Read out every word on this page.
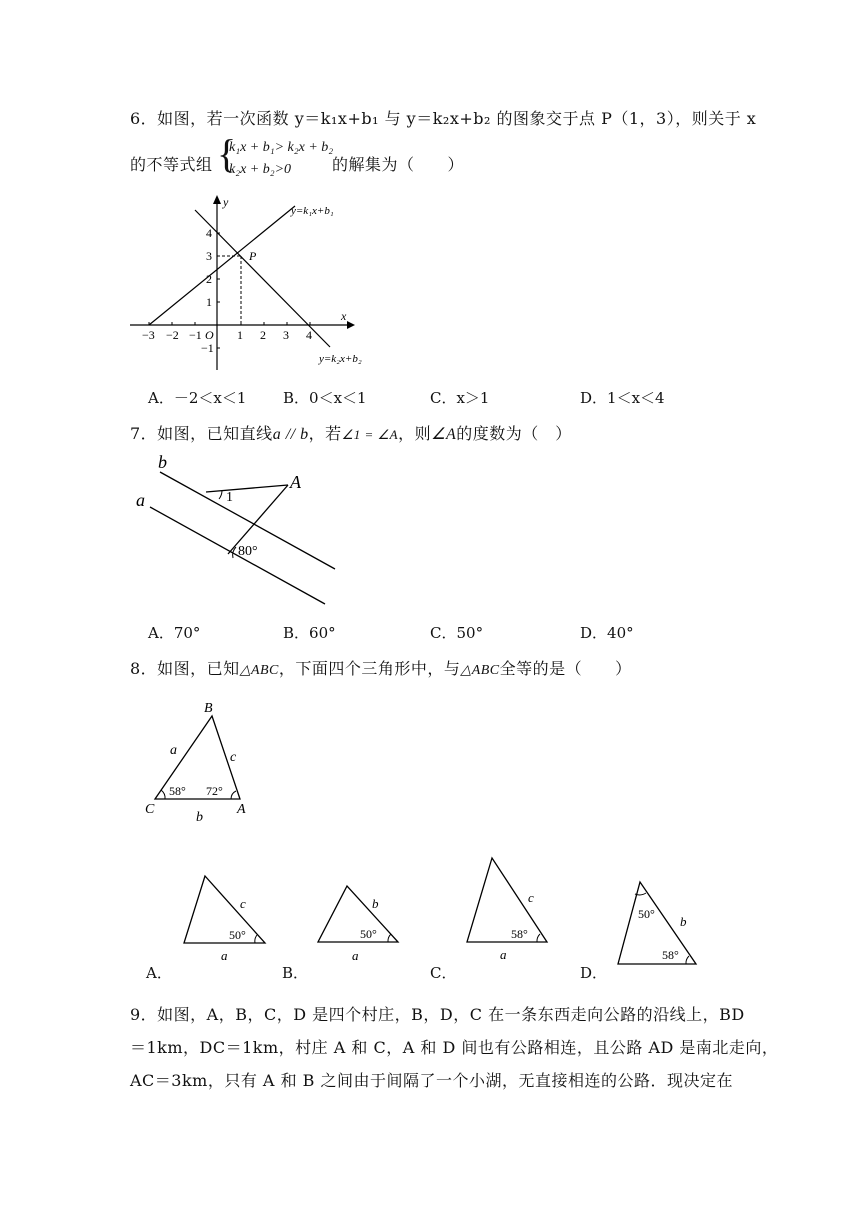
6．如图，若一次函数 y＝k₁x+b₁ 与 y＝k₂x+b₂ 的图象交于点 P（1，3），则关于 x
的不等式组 {
k₁x + b₁> k₂x + b₂
k₂x + b₂>0	的解集为（　　）
y
x
O
−3 −2 −1	1 2 3 4
4
3
2
1
−1
P
y=k₁x+b₁
y=k₂x+b₂
A．－2＜x＜1 B．0＜x＜1	C．x＞1	D．1＜x＜4
7．如图，已知直线a // b，若∠1 = ∠A，则∠A的度数为（　）
b
a
A
1
80°
A．70°	B．60°	C．50°	D．40°
8．如图，已知△ABC，下面四个三角形中，与△ABC全等的是（　　）
B
C	A
a	c
b
58° 72°
c
a
50°
A．
b
a
50°
B．
c
a
58°
C．
50° b
58°
D．
9．如图，A，B，C，D 是四个村庄，B，D，C 在一条东西走向公路的沿线上，BD
＝1km，DC＝1km，村庄 A 和 C，A 和 D 间也有公路相连，且公路 AD 是南北走向，
AC＝3km，只有 A 和 B 之间由于间隔了一个小湖，无直接相连的公路．现决定在
